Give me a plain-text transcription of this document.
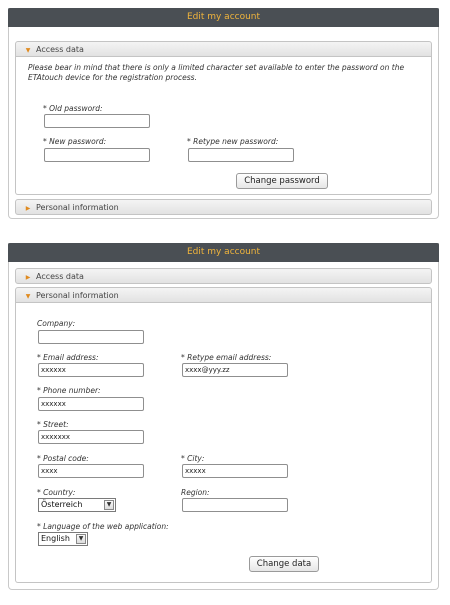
Edit my account
▼ Access data
Please bear in mind that there is only a limited character set available to enter the password on the ETAtouch device for the registration process.
* Old password:
* New password:	* Retype new password:
Change password
▶ Personal information
Edit my account
▶ Access data
▼ Personal information
Company:
* Email address:
xxxxxx
* Retype email address:
xxxx@yyy.zz
* Phone number:
xxxxxx
* Street:
xxxxxxx
* Postal code:
xxxx
* City:
xxxxx
* Country:
Österreich	▼
Region:
* Language of the web application:
English	▼
Change data
